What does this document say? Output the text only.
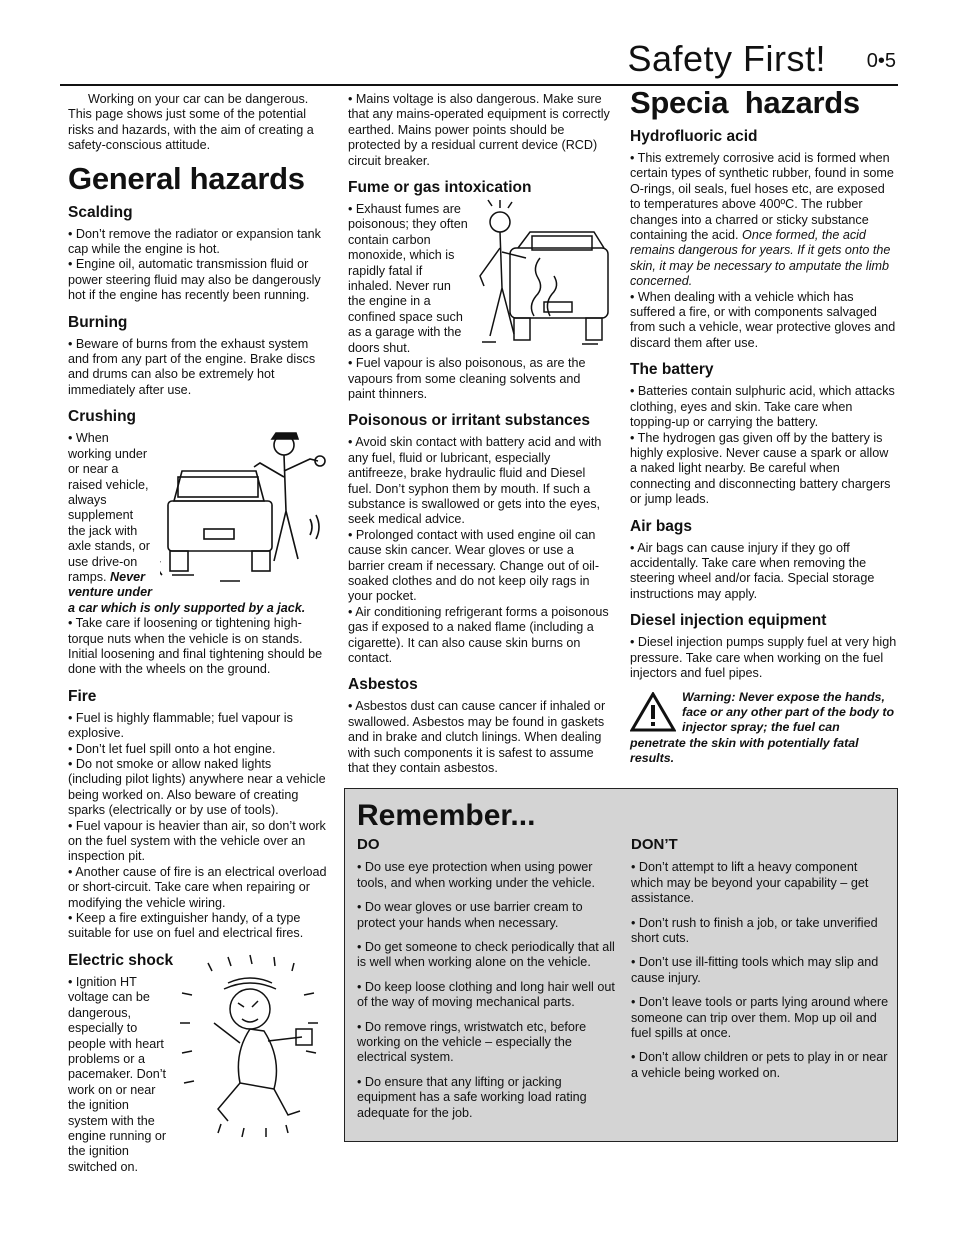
Safety First! 0•5

Working on your car can be dangerous. This page shows just some of the potential risks and hazards, with the aim of creating a safety-conscious attitude.

General hazards
Scalding

• Don’t remove the radiator or expansion tank cap while the engine is hot.

• Engine oil, automatic transmission fluid or power steering fluid may also be dangerously hot if the engine has recently been running.

Burning

• Beware of burns from the exhaust system and from any part of the engine. Brake discs and drums can also be extremely hot immediately after use.

Crushing

• When working under or near a raised vehicle, always supplement the jack with axle stands, or use drive-on ramps. Never venture under a car which is only supported by a jack.

• Take care if loosening or tightening high-torque nuts when the vehicle is on stands. Initial loosening and final tightening should be done with the wheels on the ground.

Fire

• Fuel is highly flammable; fuel vapour is explosive.

• Don’t let fuel spill onto a hot engine.

• Do not smoke or allow naked lights (including pilot lights) anywhere near a vehicle being worked on. Also beware of creating sparks (electrically or by use of tools).

• Fuel vapour is heavier than air, so don’t work on the fuel system with the vehicle over an inspection pit.

• Another cause of fire is an electrical overload or short-circuit. Take care when repairing or modifying the vehicle wiring.

• Keep a fire extinguisher handy, of a type suitable for use on fuel and electrical fires.

Electric shock

• Ignition HT voltage can be dangerous, especially to people with heart problems or a pacemaker. Don’t work on or near the ignition system with the engine running or the ignition switched on.

• Mains voltage is also dangerous. Make sure that any mains-operated equipment is correctly earthed. Mains power points should be protected by a residual current device (RCD) circuit breaker.

Fume or gas intoxication

• Exhaust fumes are poisonous; they often contain carbon monoxide, which is rapidly fatal if inhaled. Never run the engine in a confined space such as a garage with the doors shut.

• Fuel vapour is also poisonous, as are the vapours from some cleaning solvents and paint thinners.

Poisonous or irritant substances

• Avoid skin contact with battery acid and with any fuel, fluid or lubricant, especially antifreeze, brake hydraulic fluid and Diesel fuel. Don’t syphon them by mouth. If such a substance is swallowed or gets into the eyes, seek medical advice.

• Prolonged contact with used engine oil can cause skin cancer. Wear gloves or use a barrier cream if necessary. Change out of oil-soaked clothes and do not keep oily rags in your pocket.

• Air conditioning refrigerant forms a poisonous gas if exposed to a naked flame (including a cigarette). It can also cause skin burns on contact.

Asbestos

• Asbestos dust can cause cancer if inhaled or swallowed. Asbestos may be found in gaskets and in brake and clutch linings. When dealing with such components it is safest to assume that they contain asbestos.

Specia  hazards
Hydrofluoric acid

• This extremely corrosive acid is formed when certain types of synthetic rubber, found in some O-rings, oil seals, fuel hoses etc, are exposed to temperatures above 400ºC. The rubber changes into a charred or sticky substance containing the acid. Once formed, the acid remains dangerous for years. If it gets onto the skin, it may be necessary to amputate the limb concerned.

• When dealing with a vehicle which has suffered a fire, or with components salvaged from such a vehicle, wear protective gloves and discard them after use.

The battery

• Batteries contain sulphuric acid, which attacks clothing, eyes and skin. Take care when topping-up or carrying the battery.

• The hydrogen gas given off by the battery is highly explosive. Never cause a spark or allow a naked light nearby. Be careful when connecting and disconnecting battery chargers or jump leads.

Air bags

• Air bags can cause injury if they go off accidentally. Take care when removing the steering wheel and/or facia. Special storage instructions may apply.

Diesel injection equipment

• Diesel injection pumps supply fuel at very high pressure. Take care when working on the fuel injectors and fuel pipes.

Warning: Never expose the hands, face or any other part of the body to injector spray; the fuel can penetrate the skin with potentially fatal results.
Remember...
DO

• Do use eye protection when using power tools, and when working under the vehicle.

• Do wear gloves or use barrier cream to protect your hands when necessary.

• Do get someone to check periodically that all is well when working alone on the vehicle.

• Do keep loose clothing and long hair well out of the way of moving mechanical parts.

• Do remove rings, wristwatch etc, before working on the vehicle – especially the electrical system.

• Do ensure that any lifting or jacking equipment has a safe working load rating adequate for the job.

DON’T

• Don’t attempt to lift a heavy component which may be beyond your capability – get assistance.

• Don’t rush to finish a job, or take unverified short cuts.

• Don’t use ill-fitting tools which may slip and cause injury.

• Don’t leave tools or parts lying around where someone can trip over them. Mop up oil and fuel spills at once.

• Don’t allow children or pets to play in or near a vehicle being worked on.
